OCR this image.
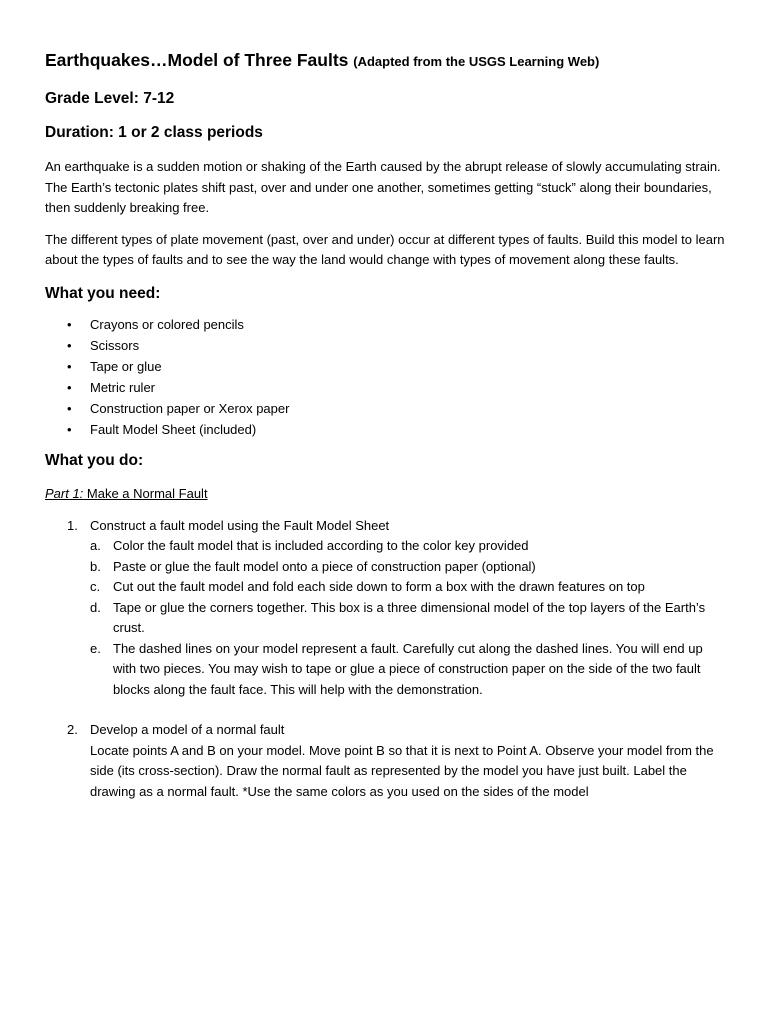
Earthquakes…Model of Three Faults (Adapted from the USGS Learning Web)
Grade Level: 7-12
Duration: 1 or 2 class periods

An earthquake is a sudden motion or shaking of the Earth caused by the abrupt release of slowly accumulating strain. The Earth’s tectonic plates shift past, over and under one another, sometimes getting “stuck” along their boundaries, then suddenly breaking free.

The different types of plate movement (past, over and under) occur at different types of faults. Build this model to learn about the types of faults and to see the way the land would change with types of movement along these faults.

What you need:
• Crayons or colored pencils
• Scissors
• Tape or glue
• Metric ruler
• Construction paper or Xerox paper
• Fault Model Sheet (included)
What you do:
Part 1: Make a Normal Fault
1. Construct a fault model using the Fault Model Sheet
a. Color the fault model that is included according to the color key provided
b. Paste or glue the fault model onto a piece of construction paper (optional)
c. Cut out the fault model and fold each side down to form a box with the drawn features on top
d. Tape or glue the corners together. This box is a three dimensional model of the top layers of the Earth’s crust.
e. The dashed lines on your model represent a fault. Carefully cut along the dashed lines. You will end up with two pieces. You may wish to tape or glue a piece of construction paper on the side of the two fault blocks along the fault face. This will help with the demonstration.
2. Develop a model of a normal fault
Locate points A and B on your model. Move point B so that it is next to Point A. Observe your model from the side (its cross-section). Draw the normal fault as represented by the model you have just built. Label the drawing as a normal fault. *Use the same colors as you used on the sides of the model
